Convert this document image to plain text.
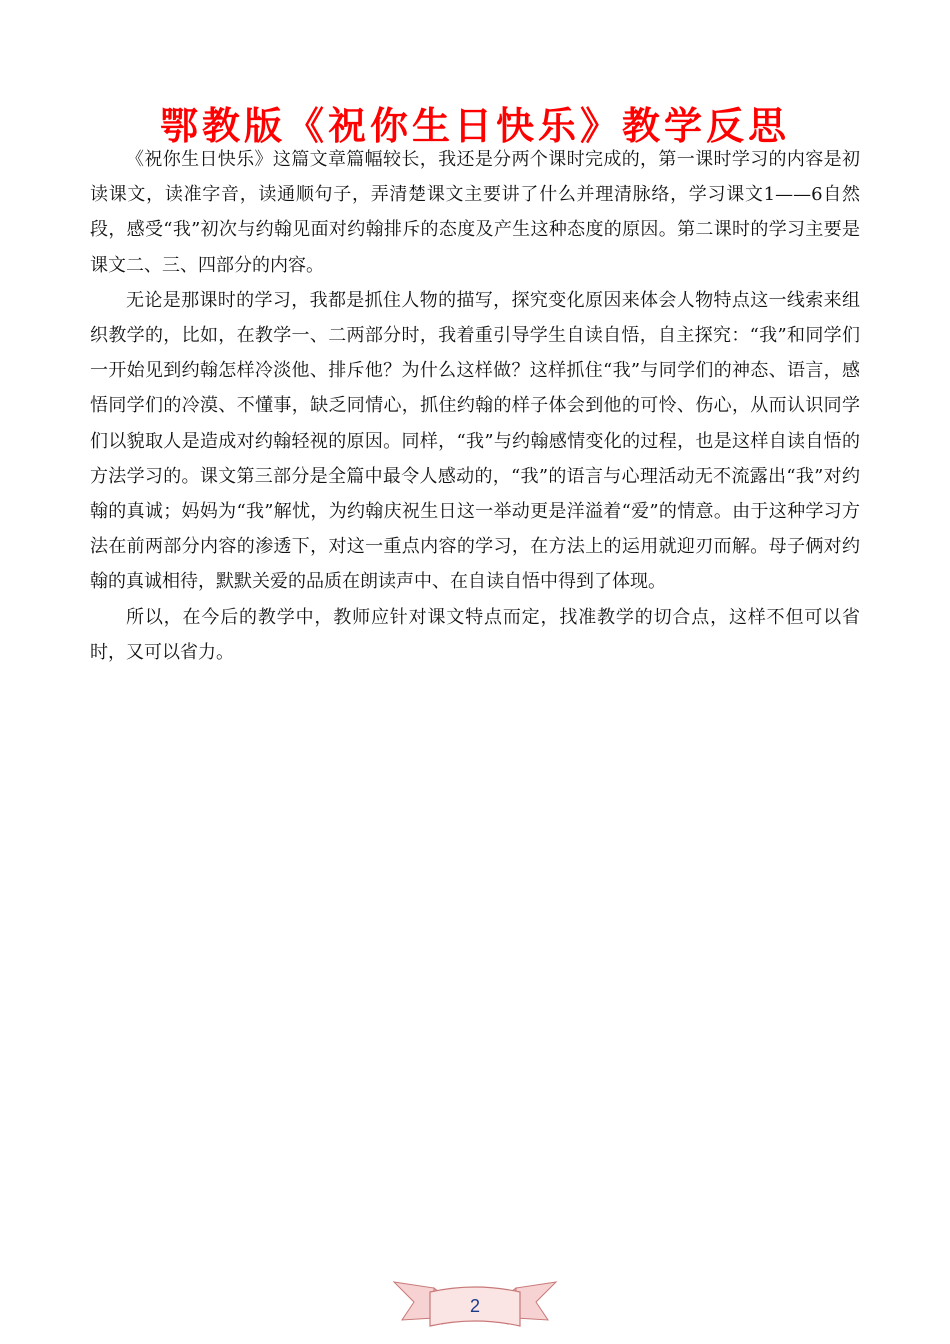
鄂教版《祝你生日快乐》教学反思

《祝你生日快乐》这篇文章篇幅较长，我还是分两个课时完成的，第一课时学习的内容是初读课文，读准字音，读通顺句子，弄清楚课文主要讲了什么并理清脉络，学习课文1——6自然段，感受“我”初次与约翰见面对约翰排斥的态度及产生这种态度的原因。第二课时的学习主要是课文二、三、四部分的内容。

无论是那课时的学习，我都是抓住人物的描写，探究变化原因来体会人物特点这一线索来组织教学的，比如，在教学一、二两部分时，我着重引导学生自读自悟，自主探究：“我”和同学们一开始见到约翰怎样冷淡他、排斥他？为什么这样做？这样抓住“我”与同学们的神态、语言，感悟同学们的冷漠、不懂事，缺乏同情心，抓住约翰的样子体会到他的可怜、伤心，从而认识同学们以貌取人是造成对约翰轻视的原因。同样，“我”与约翰感情变化的过程，也是这样自读自悟的方法学习的。课文第三部分是全篇中最令人感动的，“我”的语言与心理活动无不流露出“我”对约翰的真诚；妈妈为“我”解忧，为约翰庆祝生日这一举动更是洋溢着“爱”的情意。由于这种学习方法在前两部分内容的渗透下，对这一重点内容的学习，在方法上的运用就迎刃而解。母子俩对约翰的真诚相待，默默关爱的品质在朗读声中、在自读自悟中得到了体现。

所以，在今后的教学中，教师应针对课文特点而定，找准教学的切合点，这样不但可以省时，又可以省力。

2
